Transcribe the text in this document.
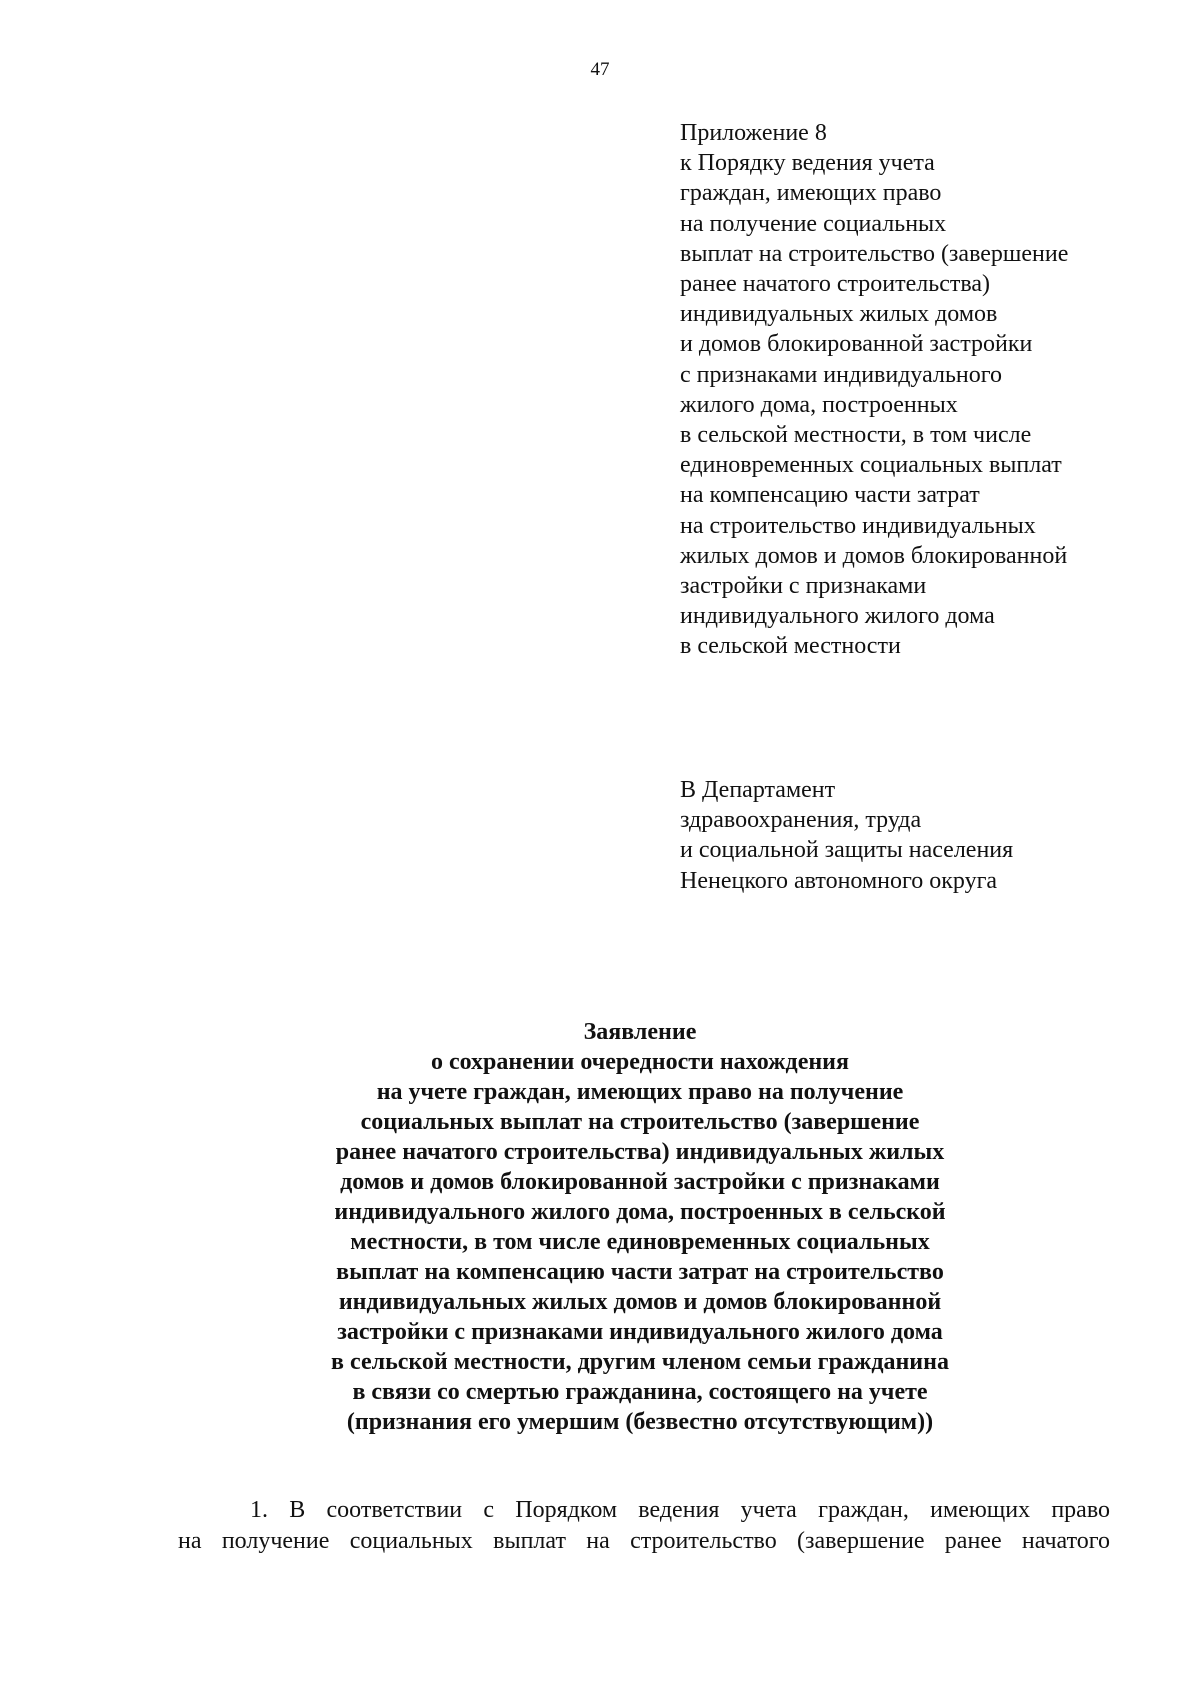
47
Приложение 8
к Порядку ведения учета
граждан, имеющих право
на получение социальных
выплат на строительство (завершение
ранее начатого строительства)
индивидуальных жилых домов
и домов блокированной застройки
с признаками индивидуального
жилого дома, построенных
в сельской местности, в том числе
единовременных социальных выплат
на компенсацию части затрат
на строительство индивидуальных
жилых домов и домов блокированной
застройки с признаками
индивидуального жилого дома
в сельской местности
В Департамент
здравоохранения, труда
и социальной защиты населения
Ненецкого автономного округа
Заявление
о сохранении очередности нахождения
на учете граждан, имеющих право на получение
социальных выплат на строительство (завершение
ранее начатого строительства) индивидуальных жилых
домов и домов блокированной застройки с признаками
индивидуального жилого дома, построенных в сельской
местности, в том числе единовременных социальных
выплат на компенсацию части затрат на строительство
индивидуальных жилых домов и домов блокированной
застройки с признаками индивидуального жилого дома
в сельской местности, другим членом семьи гражданина
в связи со смертью гражданина, состоящего на учете
(признания его умершим (безвестно отсутствующим))
1. В соответствии с Порядком ведения учета граждан, имеющих право
на получение социальных выплат на строительство (завершение ранее начатого
